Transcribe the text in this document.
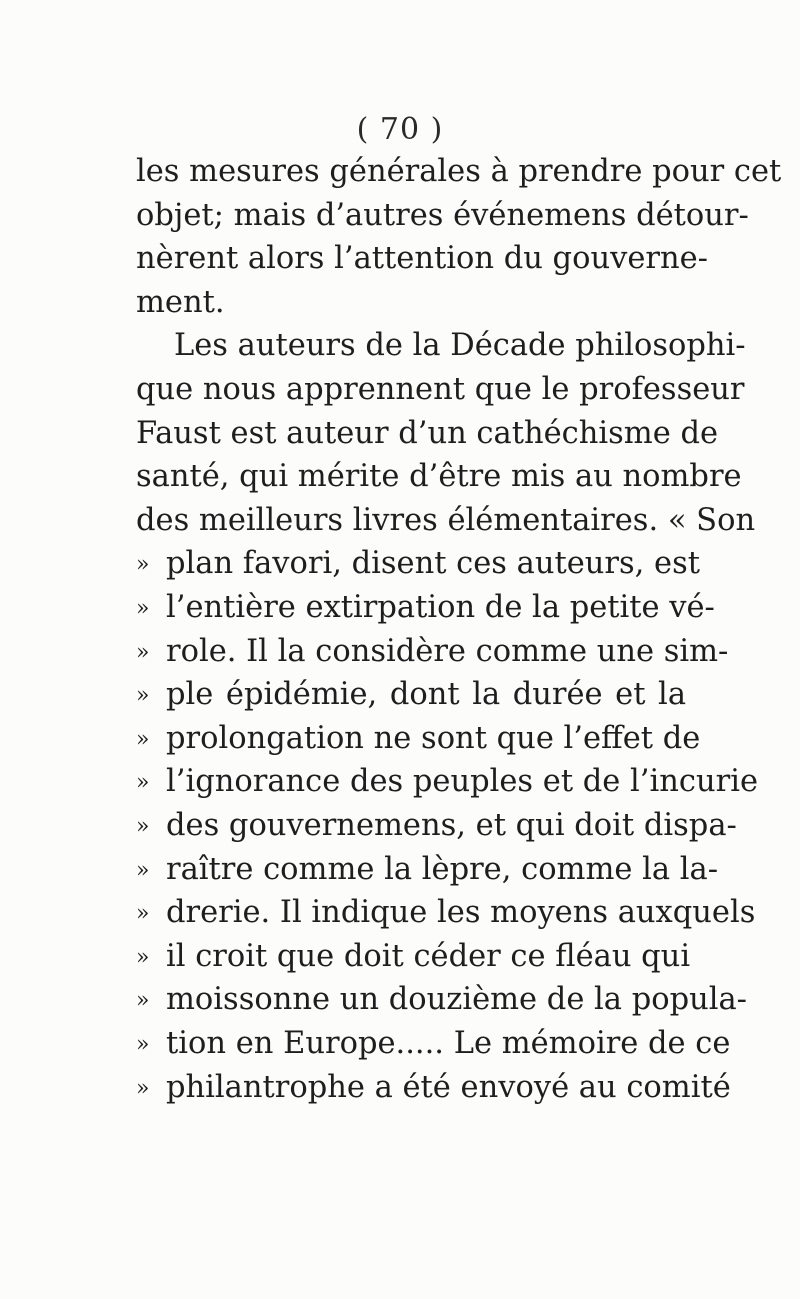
( 70 )
les mesures générales à prendre pour cet
objet; mais d’autres événemens détour-
nèrent alors l’attention du gouverne-
ment.
Les auteurs de la Décade philosophi-
que nous apprennent que le professeur
Faust est auteur d’un cathéchisme de
santé, qui mérite d’être mis au nombre
des meilleurs livres élémentaires. « Son
» plan favori, disent ces auteurs, est
» l’entière extirpation de la petite vé-
» role. Il la considère comme une sim-
» ple épidémie, dont la durée et la
» prolongation ne sont que l’effet de
» l’ignorance des peuples et de l’incurie
» des gouvernemens, et qui doit dispa-
» raître comme la lèpre, comme la la-
» drerie. Il indique les moyens auxquels
» il croit que doit céder ce fléau qui
» moissonne un douzième de la popula-
» tion en Europe..... Le mémoire de ce
» philantrophe a été envoyé au comité
